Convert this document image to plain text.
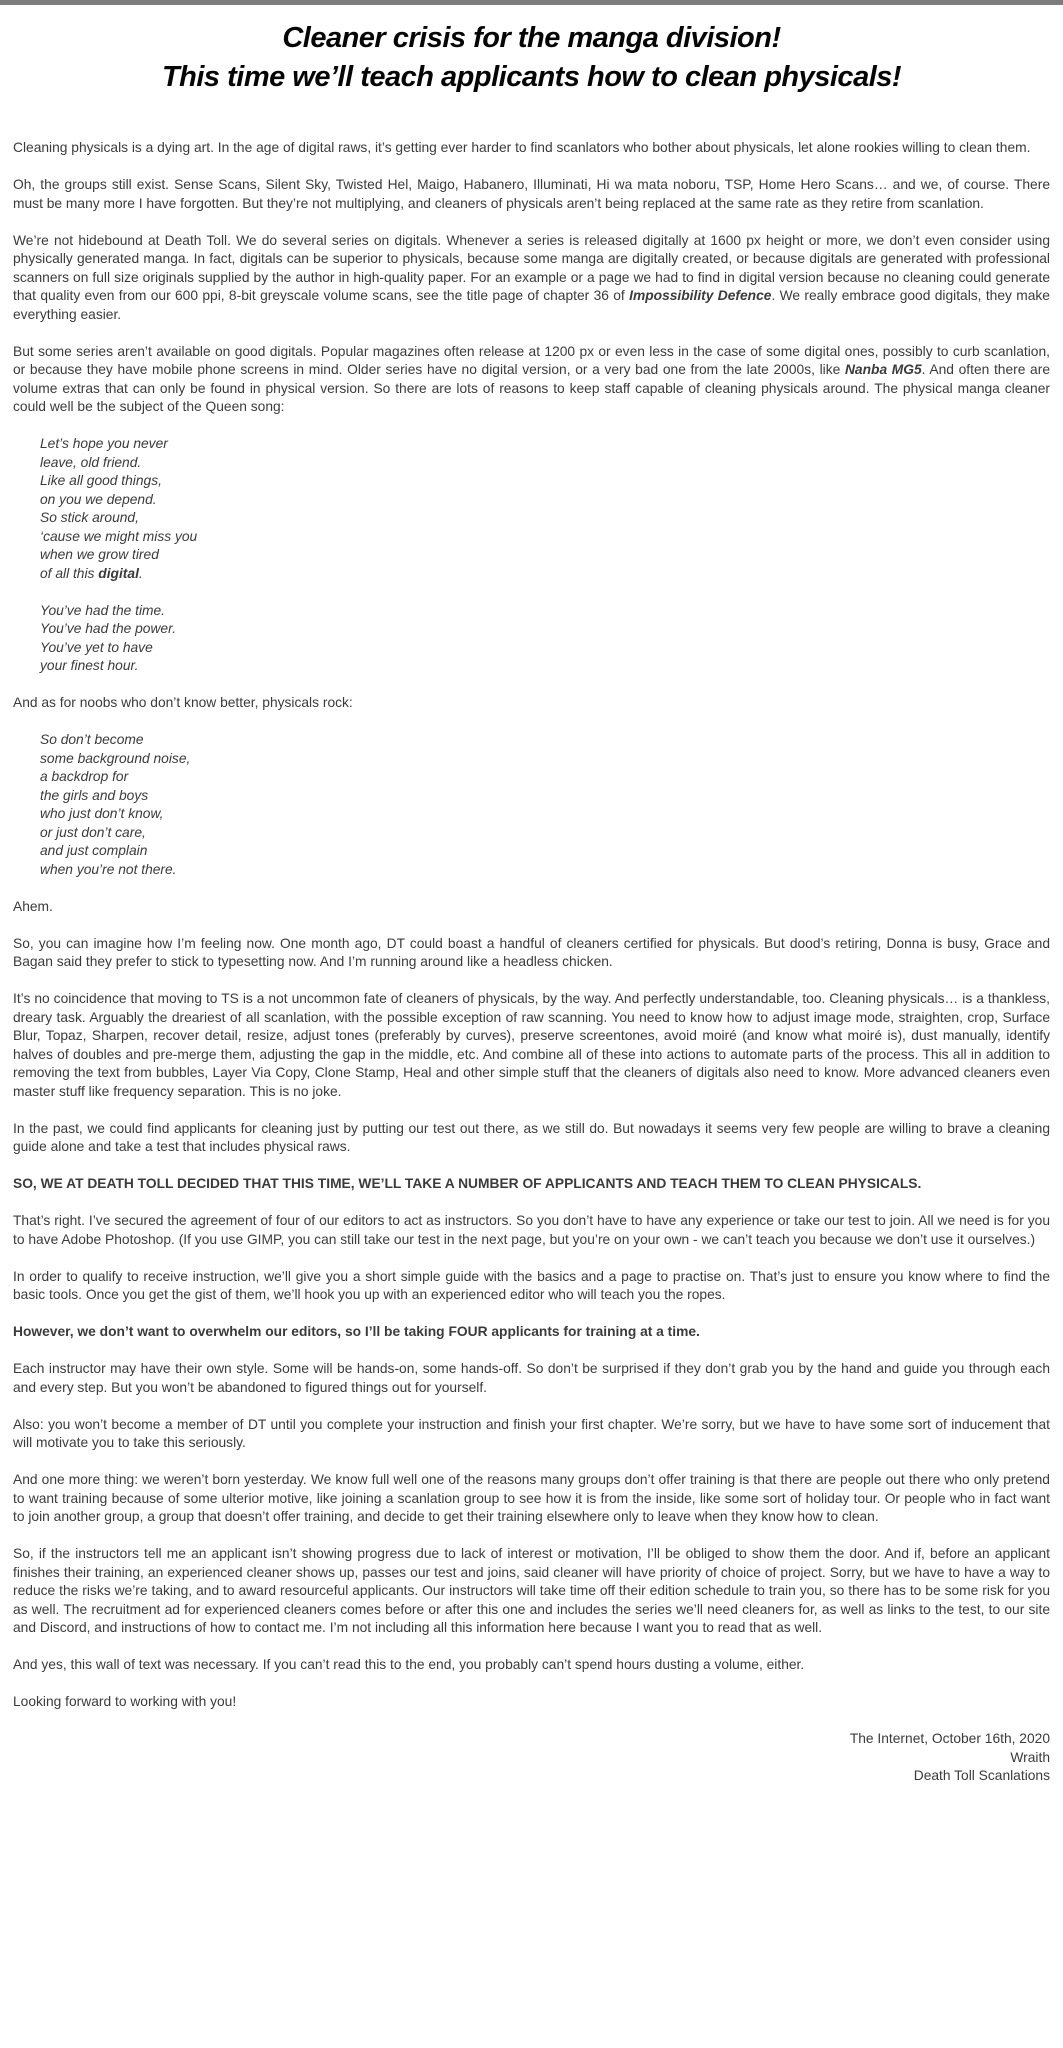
Cleaner crisis for the manga division!
This time we’ll teach applicants how to clean physicals!

Cleaning physicals is a dying art. In the age of digital raws, it’s getting ever harder to find scanlators who bother about physicals, let alone rookies willing to clean them.

Oh, the groups still exist. Sense Scans, Silent Sky, Twisted Hel, Maigo, Habanero, Illuminati, Hi wa mata noboru, TSP, Home Hero Scans… and we, of course. There must be many more I have forgotten. But they’re not multiplying, and cleaners of physicals aren’t being replaced at the same rate as they retire from scanlation.

We’re not hidebound at Death Toll. We do several series on digitals. Whenever a series is released digitally at 1600 px height or more, we don’t even consider using physically generated manga. In fact, digitals can be superior to physicals, because some manga are digitally created, or because digitals are generated with professional scanners on full size originals supplied by the author in high-quality paper. For an example or a page we had to find in digital version because no cleaning could generate that quality even from our 600 ppi, 8-bit greyscale volume scans, see the title page of chapter 36 of Impossibility Defence. We really embrace good digitals, they make everything easier.

But some series aren’t available on good digitals. Popular magazines often release at 1200 px or even less in the case of some digital ones, possibly to curb scanlation, or because they have mobile phone screens in mind. Older series have no digital version, or a very bad one from the late 2000s, like Nanba MG5. And often there are volume extras that can only be found in physical version. So there are lots of reasons to keep staff capable of cleaning physicals around. The physical manga cleaner could well be the subject of the Queen song:

Let’s hope you never
leave, old friend.
Like all good things,
on you we depend.
So stick around,
‘cause we might miss you
when we grow tired
of all this digital.

You’ve had the time.
You’ve had the power.
You’ve yet to have
your finest hour.

And as for noobs who don’t know better, physicals rock:

So don’t become
some background noise,
a backdrop for
the girls and boys
who just don’t know,
or just don’t care,
and just complain
when you’re not there.

Ahem.

So, you can imagine how I’m feeling now. One month ago, DT could boast a handful of cleaners certified for physicals. But dood’s retiring, Donna is busy, Grace and Bagan said they prefer to stick to typesetting now. And I’m running around like a headless chicken.

It’s no coincidence that moving to TS is a not uncommon fate of cleaners of physicals, by the way. And perfectly understandable, too. Cleaning physicals… is a thankless, dreary task. Arguably the dreariest of all scanlation, with the possible exception of raw scanning. You need to know how to adjust image mode, straighten, crop, Surface Blur, Topaz, Sharpen, recover detail, resize, adjust tones (preferably by curves), preserve screentones, avoid moiré (and know what moiré is), dust manually, identify halves of doubles and pre-merge them, adjusting the gap in the middle, etc. And combine all of these into actions to automate parts of the process. This all in addition to removing the text from bubbles, Layer Via Copy, Clone Stamp, Heal and other simple stuff that the cleaners of digitals also need to know. More advanced cleaners even master stuff like frequency separation. This is no joke.

In the past, we could find applicants for cleaning just by putting our test out there, as we still do. But nowadays it seems very few people are willing to brave a cleaning guide alone and take a test that includes physical raws.

SO, WE AT DEATH TOLL DECIDED THAT THIS TIME, WE’LL TAKE A NUMBER OF APPLICANTS AND TEACH THEM TO CLEAN PHYSICALS.

That’s right. I’ve secured the agreement of four of our editors to act as instructors. So you don’t have to have any experience or take our test to join. All we need is for you to have Adobe Photoshop. (If you use GIMP, you can still take our test in the next page, but you’re on your own - we can’t teach you because we don’t use it ourselves.)

In order to qualify to receive instruction, we’ll give you a short simple guide with the basics and a page to practise on. That’s just to ensure you know where to find the basic tools. Once you get the gist of them, we’ll hook you up with an experienced editor who will teach you the ropes.

However, we don’t want to overwhelm our editors, so I’ll be taking FOUR applicants for training at a time.

Each instructor may have their own style. Some will be hands-on, some hands-off. So don’t be surprised if they don’t grab you by the hand and guide you through each and every step. But you won’t be abandoned to figured things out for yourself.

Also: you won’t become a member of DT until you complete your instruction and finish your first chapter. We’re sorry, but we have to have some sort of inducement that will motivate you to take this seriously.

And one more thing: we weren’t born yesterday. We know full well one of the reasons many groups don’t offer training is that there are people out there who only pretend to want training because of some ulterior motive, like joining a scanlation group to see how it is from the inside, like some sort of holiday tour. Or people who in fact want to join another group, a group that doesn’t offer training, and decide to get their training elsewhere only to leave when they know how to clean.

So, if the instructors tell me an applicant isn’t showing progress due to lack of interest or motivation, I’ll be obliged to show them the door. And if, before an applicant finishes their training, an experienced cleaner shows up, passes our test and joins, said cleaner will have priority of choice of project. Sorry, but we have to have a way to reduce the risks we’re taking, and to award resourceful applicants. Our instructors will take time off their edition schedule to train you, so there has to be some risk for you as well. The recruitment ad for experienced cleaners comes before or after this one and includes the series we’ll need cleaners for, as well as links to the test, to our site and Discord, and instructions of how to contact me. I’m not including all this information here because I want you to read that as well.

And yes, this wall of text was necessary. If you can’t read this to the end, you probably can’t spend hours dusting a volume, either.

Looking forward to working with you!

The Internet, October 16th, 2020
Wraith
Death Toll Scanlations
